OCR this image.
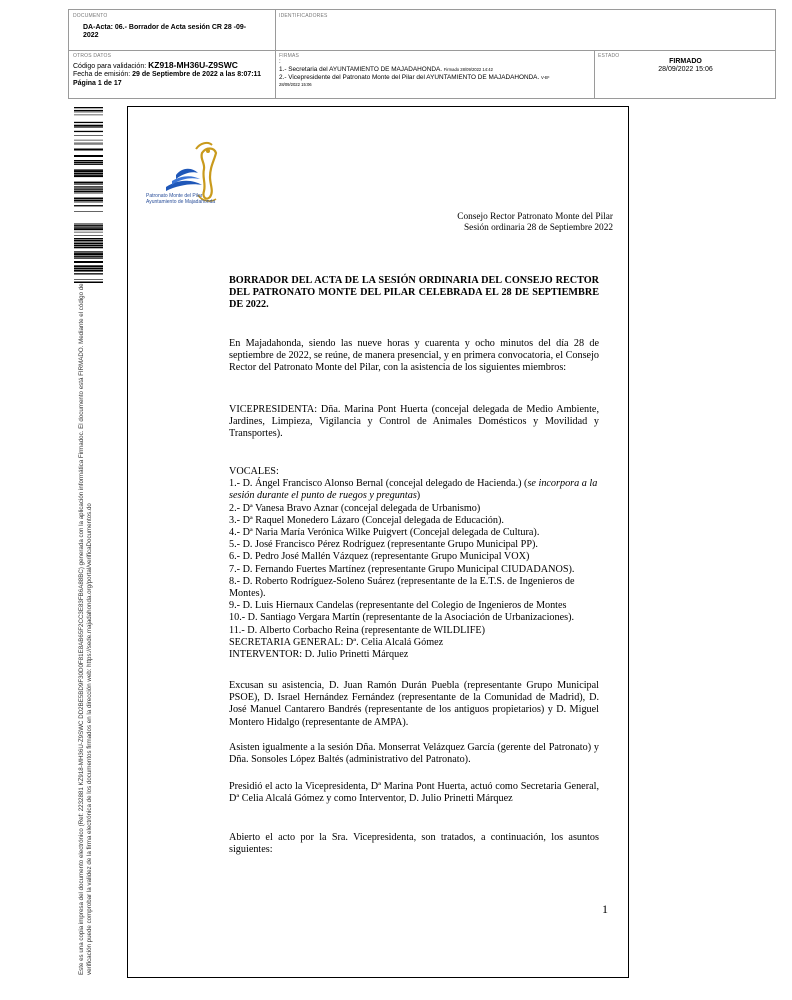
DOCUMENTO
DA-Acta: 06.- Borrador de Acta sesión CR 28 -09-2022
IDENTIFICADORES
OTROS DATOS
Código para validación: KZ918-MH36U-Z9SWC
Fecha de emisión: 29 de Septiembre de 2022 a las 8:07:11
Página 1 de 17
FIRMAS
:
1.- Secretaria del AYUNTAMIENTO DE MAJADAHONDA. Firmado 28/09/2022 14:42
2.- Vicepresidente del Patronato Monte del Pilar del AYUNTAMIENTO DE MAJADAHONDA. V-Bº
28/09/2022 15:06
ESTADO
FIRMADO
28/09/2022 15:06
Este es una copia impresa del documento electrónico (Ref: 2232881 KZ918-MH36U-Z9SWC DD2BE5BD9F30D0F81E8AB65F2CC3E83FB6A88BC) generada con la aplicación informática Firmadoc. El documento está FIRMADO. Mediante el código de verificación puede comprobar la validez de la firma electrónica de los documentos firmados en la dirección web: https://sede.majadahonda.org/portal/verificaDocumentos.do
Patronato Monte del Pilar
Ayuntamiento de Majadahonda
Consejo Rector Patronato Monte del Pilar
Sesión ordinaria 28 de Septiembre 2022
BORRADOR DEL ACTA DE LA SESIÓN ORDINARIA DEL CONSEJO RECTOR DEL PATRONATO MONTE DEL PILAR CELEBRADA EL 28 DE SEPTIEMBRE DE 2022.
En Majadahonda, siendo las nueve horas y cuarenta y ocho minutos del día 28 de septiembre de 2022, se reúne, de manera presencial, y en primera convocatoria, el Consejo Rector del Patronato Monte del Pilar, con la asistencia de los siguientes miembros:
VICEPRESIDENTA: Dña. Marina Pont Huerta (concejal delegada de Medio Ambiente, Jardines, Limpieza, Vigilancia y Control de Animales Domésticos y Movilidad y Transportes).
VOCALES:
1.- D. Ángel Francisco Alonso Bernal (concejal delegado de Hacienda.) (se incorpora a la sesión durante el punto de ruegos y preguntas)
2.- Dª Vanesa Bravo Aznar (concejal delegada de Urbanismo)
3.- Dª Raquel Monedero Lázaro (Concejal delegada de Educación).
4.- Dª Naria María Verónica Wilke Puigvert (Concejal delegada de Cultura).
5.- D. José Francisco Pérez Rodríguez (representante Grupo Municipal PP).
6.- D. Pedro José Mallén Vázquez (representante Grupo Municipal VOX)
7.- D. Fernando Fuertes Martínez (representante Grupo Municipal CIUDADANOS).
8.- D. Roberto Rodríguez-Soleno Suárez (representante de la E.T.S. de Ingenieros de Montes).
9.- D. Luis Hiernaux Candelas (representante del Colegio de Ingenieros de Montes
10.- D. Santiago Vergara Martín (representante de la Asociación de Urbanizaciones).
11.- D. Alberto Corbacho Reina (representante de WILDLIFE)
SECRETARIA GENERAL: Dª. Celia Alcalá Gómez
INTERVENTOR: D. Julio Prinetti Márquez
Excusan su asistencia, D. Juan Ramón Durán Puebla (representante Grupo Municipal PSOE), D. Israel Hernández Fernández (representante de la Comunidad de Madrid), D. José Manuel Cantarero Bandrés (representante de los antiguos propietarios) y D. Miguel Montero Hidalgo (representante de AMPA).
Asisten igualmente a la sesión Dña. Monserrat Velázquez García (gerente del Patronato) y Dña. Sonsoles López Baltés (administrativo del Patronato).
Presidió el acto la Vicepresidenta, Dª Marina Pont Huerta, actuó como Secretaria General, Dª Celia Alcalá Gómez y como Interventor, D. Julio Prinetti Márquez
Abierto el acto por la Sra. Vicepresidenta, son tratados, a continuación, los asuntos siguientes:
1
